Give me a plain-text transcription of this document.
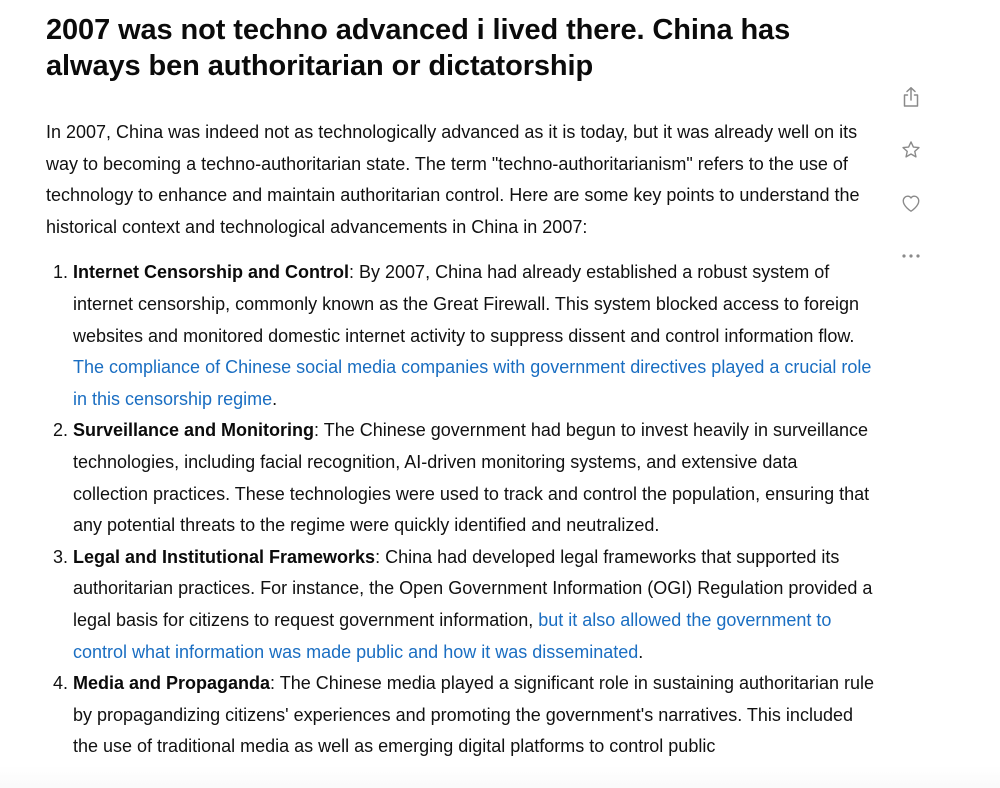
2007 was not techno advanced i lived there. China has always ben authoritarian or dictatorship

In 2007, China was indeed not as technologically advanced as it is today, but it was already well on its way to becoming a techno-authoritarian state. The term "techno-authoritarianism" refers to the use of technology to enhance and maintain authoritarian control. Here are some key points to understand the historical context and technological advancements in China in 2007:

1. Internet Censorship and Control: By 2007, China had already established a robust system of internet censorship, commonly known as the Great Firewall. This system blocked access to foreign websites and monitored domestic internet activity to suppress dissent and control information flow. The compliance of Chinese social media companies with government directives played a crucial role in this censorship regime.
2. Surveillance and Monitoring: The Chinese government had begun to invest heavily in surveillance technologies, including facial recognition, AI-driven monitoring systems, and extensive data collection practices. These technologies were used to track and control the population, ensuring that any potential threats to the regime were quickly identified and neutralized.
3. Legal and Institutional Frameworks: China had developed legal frameworks that supported its authoritarian practices. For instance, the Open Government Information (OGI) Regulation provided a legal basis for citizens to request government information, but it also allowed the government to control what information was made public and how it was disseminated.
4. Media and Propaganda: The Chinese media played a significant role in sustaining authoritarian rule by propagandizing citizens' experiences and promoting the government's narratives. This included the use of traditional media as well as emerging digital platforms to control public
